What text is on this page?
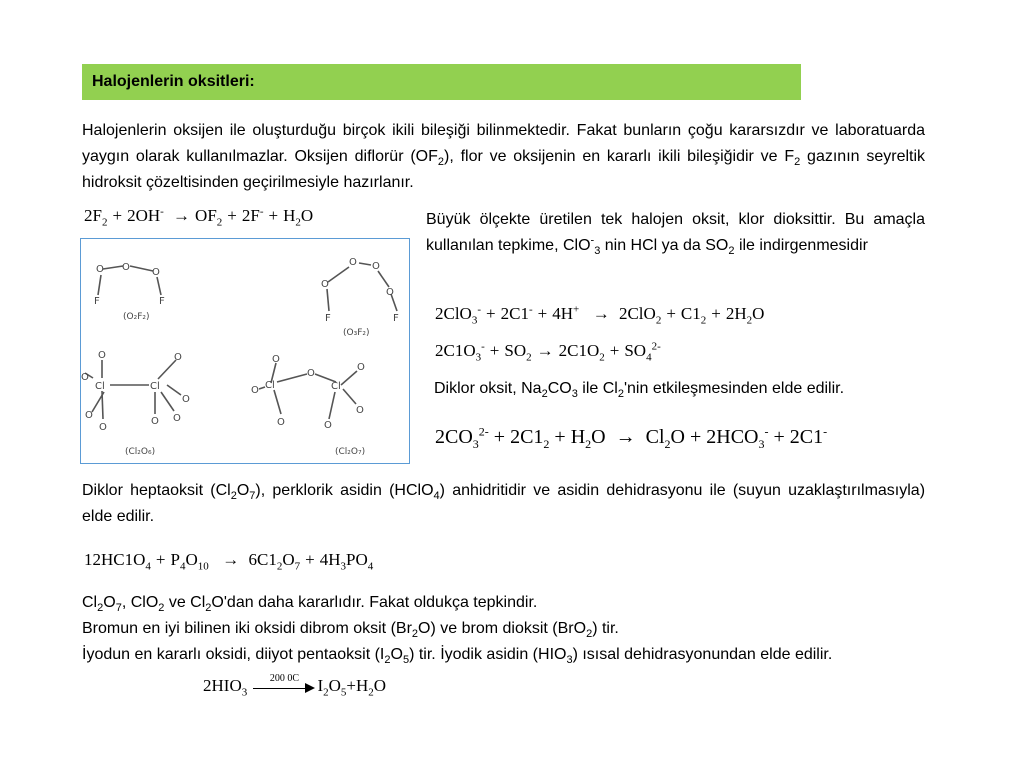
Halojenlerin oksitleri:

Halojenlerin oksijen ile oluşturduğu birçok ikili bileşiği bilinmektedir. Fakat bunların çoğu kararsızdır ve laboratuarda yaygın olarak kullanılmazlar. Oksijen diflorür $(OF_2)$, flor ve oksijenin en kararlı ikili bileşiğidir ve $F_2$ gazının seyreltik hidroksit çözeltisinden geçirilmesiyle hazırlanır.

$2F_2 + 2OH^- \to OF_2 + 2F^- + H_2O$
O O O
F	F
(O₂F₂)
O
O O
O
F	F
(O₃F₂)
O
O
Cl	Cl
O
O
O
O
O
O
(Cl₂O₆)
O
O Cl
O
O
Cl
O
O
O
(Cl₂O₇)

Büyük ölçekte üretilen tek halojen oksit, klor dioksittir. Bu amaçla kullanılan tepkime, ClO-$_3$ nin HCl ya da $SO_2$ ile indirgenmesidir

$2ClO_3^- + 2C1^- + 4H^+ \to 2ClO_2 + C1_2 + 2H_2O$
$2C1O_3^- + SO_2 \to 2C1O_2 + SO_4^{2-}$

Diklor oksit, $Na_2CO_3$ ile $Cl_2'nin$ etkileşmesinden elde edilir.

$2CO_3^{2-} + 2C1_2 + H_2O \to Cl_2O + 2HCO_3^- + 2C1^-$

Diklor heptaoksit $(Cl_2O_7)$, perklorik asidin (HClO$_4$) anhidritidir ve asidin dehidrasyonu ile (suyun uzaklaştırılmasıyla) elde edilir.

$12HC1O_4 + P_4O_{10} \to 6C1_2O_7 + 4H_3PO_4$

$Cl_2O_7$, ClO$_2$ ve $Cl_2O'dan$ daha kararlıdır. Fakat oldukça tepkindir.
Bromun en iyi bilinen iki oksidi dibrom oksit $(Br_2O)$ ve brom dioksit (BrO$_2$) tir.
İyodun en kararlı oksidi, diiyot pentaoksit $(I_2O_5)$ tir. İyodik asidin $(HIO_3)$ ısısal dehidrasyonundan elde edilir.

$2HIO_3$
200 0C	$I_2O_5+H_2O$
